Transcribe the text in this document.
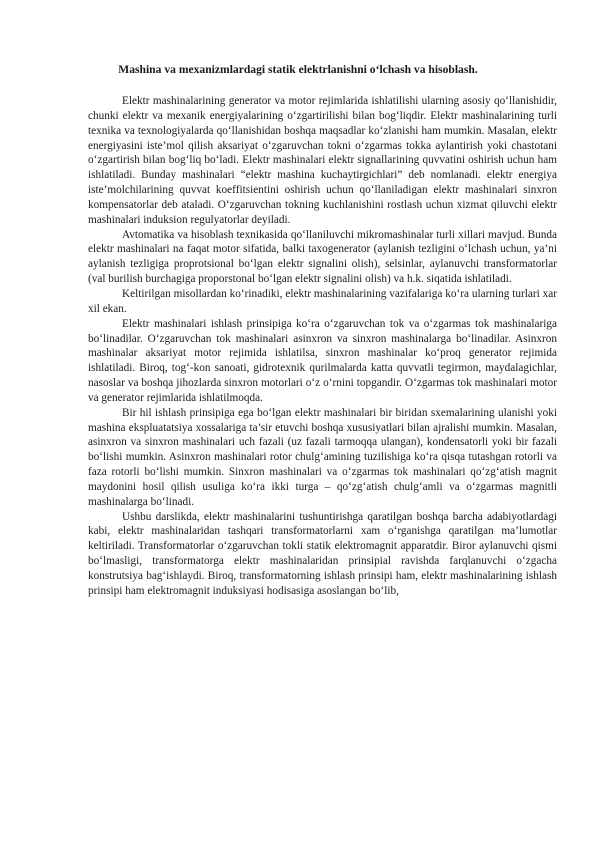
Mashina va mexanizmlardagi statik elektrlanishni o‘lchash va hisoblash.

Elektr mashinalarining generator va motor rejimlarida ishlatilishi ularning asosiy qo‘llanishidir, chunki elektr va mexanik energiyalarining o‘zgartirilishi bilan bog‘liqdir. Elektr mashinalarining turli texnika va texnologiyalarda qo‘llanishidan boshqa maqsadlar ko‘zlanishi ham mumkin. Masalan, elektr energiyasini iste’mol qilish aksariyat o‘zgaruvchan tokni o‘zgarmas tokka aylantirish yoki chastotani o‘zgartirish bilan bog‘liq bo‘ladi. Elektr mashinalari elektr signallarining quvvatini oshirish uchun ham ishlatiladi. Bunday mashinalari “elektr mashina kuchaytirgichlari” deb nomlanadi. elektr energiya iste’molchilarining quvvat koeffitsientini oshirish uchun qo‘llaniladigan elektr mashinalari sinxron kompensatorlar deb ataladi. O‘zgaruvchan tokning kuchlanishini rostlash uchun xizmat qiluvchi elektr mashinalari induksion regulyatorlar deyiladi.

Avtomatika va hisoblash texnikasida qo‘llaniluvchi mikromashinalar turli xillari mavjud. Bunda elektr mashinalari na faqat motor sifatida, balki taxogenerator (aylanish tezligini o‘lchash uchun, ya’ni aylanish tezligiga proprotsional bo‘lgan elektr signalini olish), selsinlar, aylanuvchi transformatorlar (val burilish burchagiga proporstonal bo‘lgan elektr signalini olish) va h.k. siqatida ishlatiladi.

Keltirilgan misollardan ko‘rinadiki, elektr mashinalarining vazifalariga ko‘ra ularning turlari xar xil ekan.

Elektr mashinalari ishlash prinsipiga ko‘ra o‘zgaruvchan tok va o‘zgarmas tok mashinalariga bo‘linadilar. O‘zgaruvchan tok mashinalari asinxron va sinxron mashinalarga bo‘linadilar. Asinxron mashinalar aksariyat motor rejimida ishlatilsa, sinxron mashinalar ko‘proq generator rejimida ishlatiladi. Biroq, tog‘-kon sanoati, gidrotexnik qurilmalarda katta quvvatli tegirmon, maydalagichlar, nasoslar va boshqa jihozlarda sinxron motorlari o‘z o‘rnini topgandir. O‘zgarmas tok mashinalari motor va generator rejimlarida ishlatilmoqda.

Bir hil ishlash prinsipiga ega bo‘lgan elektr mashinalari bir biridan sxemalarining ulanishi yoki mashina ekspluatatsiya xossalariga ta’sir etuvchi boshqa xususiyatlari bilan ajralishi mumkin. Masalan, asinxron va sinxron mashinalari uch fazali (uz fazali tarmoqqa ulangan), kondensatorli yoki bir fazali bo‘lishi mumkin. Asinxron mashinalari rotor chulg‘amining tuzilishiga ko‘ra qisqa tutashgan rotorli va faza rotorli bo‘lishi mumkin. Sinxron mashinalari va o‘zgarmas tok mashinalari qo‘zg‘atish magnit maydonini hosil qilish usuliga ko‘ra ikki turga – qo‘zg‘atish chulg‘amli va o‘zgarmas magnitli mashinalarga bo‘linadi.

Ushbu darslikda, elektr mashinalarini tushuntirishga qaratilgan boshqa barcha adabiyotlardagi kabi, elektr mashinalaridan tashqari transformatorlarni xam o‘rganishga qaratilgan ma’lumotlar keltiriladi. Transformatorlar o‘zgaruvchan tokli statik elektromagnit apparatdir. Biror aylanuvchi qismi bo‘lmasligi, transformatorga elektr mashinalaridan prinsipial ravishda farqlanuvchi o‘zgacha konstrutsiya bag‘ishlaydi. Biroq, transformatorning ishlash prinsipi ham, elektr mashinalarining ishlash prinsipi ham elektromagnit induksiyasi hodisasiga asoslangan bo‘lib,
